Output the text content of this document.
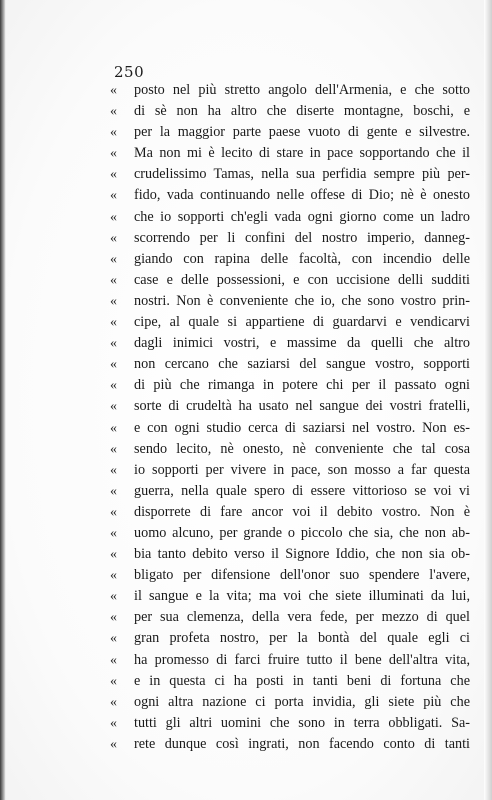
250
«	posto nel più stretto angolo dell'Armenia, e che sotto
«	di sè non ha altro che diserte montagne, boschi, e
«	per la maggior parte paese vuoto di gente e silvestre.
«	Ma non mi è lecito di stare in pace sopportando che il
«	crudelissimo Tamas, nella sua perfidia sempre più per-
«	fido, vada continuando nelle offese di Dio; nè è onesto
«	che io sopporti ch'egli vada ogni giorno come un ladro
«	scorrendo per li confini del nostro imperio, danneg-
«	giando con rapina delle facoltà, con incendio delle
«	case e delle possessioni, e con uccisione delli sudditi
«	nostri. Non è conveniente che io, che sono vostro prin-
«	cipe, al quale si appartiene di guardarvi e vendicarvi
«	dagli inimici vostri, e massime da quelli che altro
«	non cercano che saziarsi del sangue vostro, sopporti
«	di più che rimanga in potere chi per il passato ogni
«	sorte di crudeltà ha usato nel sangue dei vostri fratelli,
«	e con ogni studio cerca di saziarsi nel vostro. Non es-
«	sendo lecito, nè onesto, nè conveniente che tal cosa
«	io sopporti per vivere in pace, son mosso a far questa
«	guerra, nella quale spero di essere vittorioso se voi vi
«	disporrete di fare ancor voi il debito vostro. Non è
«	uomo alcuno, per grande o piccolo che sia, che non ab-
«	bia tanto debito verso il Signore Iddio, che non sia ob-
«	bligato per difensione dell'onor suo spendere l'avere,
«	il sangue e la vita; ma voi che siete illuminati da lui,
«	per sua clemenza, della vera fede, per mezzo di quel
«	gran profeta nostro, per la bontà del quale egli ci
«	ha promesso di farci fruire tutto il bene dell'altra vita,
«	e in questa ci ha posti in tanti beni di fortuna che
«	ogni altra nazione ci porta invidia, gli siete più che
«	tutti gli altri uomini che sono in terra obbligati. Sa-
«	rete dunque così ingrati, non facendo conto di tanti
